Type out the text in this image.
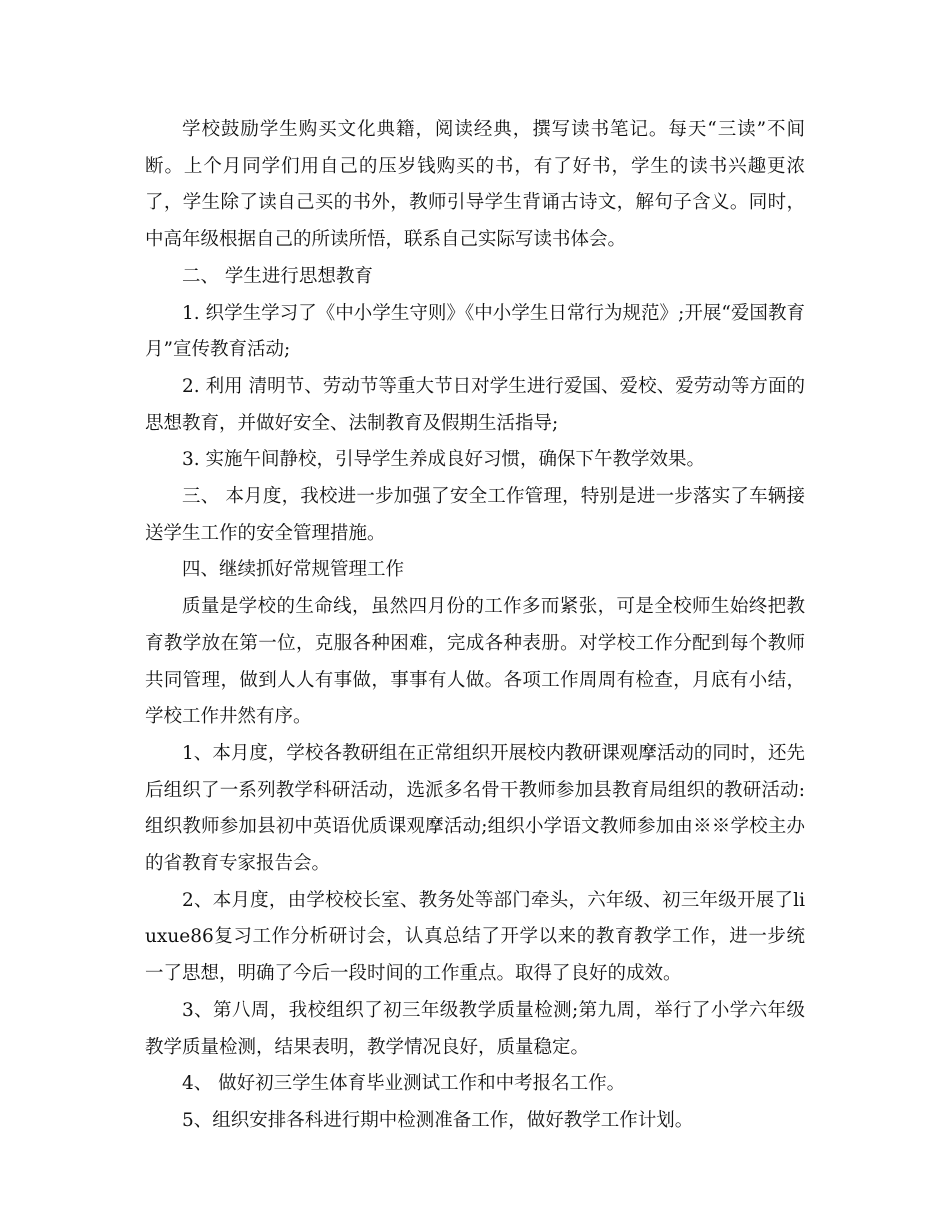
学校鼓励学生购买文化典籍，阅读经典，撰写读书笔记。每天“三读”不间断。上个月同学们用自己的压岁钱购买的书，有了好书，学生的读书兴趣更浓了，学生除了读自己买的书外，教师引导学生背诵古诗文，解句子含义。同时，中高年级根据自己的所读所悟，联系自己实际写读书体会。

二、 学生进行思想教育

1. 织学生学习了《中小学生守则》《中小学生日常行为规范》;开展“爱国教育月”宣传教育活动;

2. 利用 清明节、劳动节等重大节日对学生进行爱国、爱校、爱劳动等方面的思想教育，并做好安全、法制教育及假期生活指导;

3. 实施午间静校，引导学生养成良好习惯，确保下午教学效果。

三、 本月度，我校进一步加强了安全工作管理，特别是进一步落实了车辆接送学生工作的安全管理措施。

四、继续抓好常规管理工作

质量是学校的生命线，虽然四月份的工作多而紧张，可是全校师生始终把教育教学放在第一位，克服各种困难，完成各种表册。对学校工作分配到每个教师共同管理，做到人人有事做，事事有人做。各项工作周周有检查，月底有小结，学校工作井然有序。

1、本月度，学校各教研组在正常组织开展校内教研课观摩活动的同时，还先后组织了一系列教学科研活动，选派多名骨干教师参加县教育局组织的教研活动:组织教师参加县初中英语优质课观摩活动;组织小学语文教师参加由※※学校主办的省教育专家报告会。

2、本月度，由学校校长室、教务处等部门牵头，六年级、初三年级开展了liuxue86复习工作分析研讨会，认真总结了开学以来的教育教学工作，进一步统一了思想，明确了今后一段时间的工作重点。取得了良好的成效。

3、第八周，我校组织了初三年级教学质量检测;第九周，举行了小学六年级教学质量检测，结果表明，教学情况良好，质量稳定。

4、 做好初三学生体育毕业测试工作和中考报名工作。

5、组织安排各科进行期中检测准备工作，做好教学工作计划。
